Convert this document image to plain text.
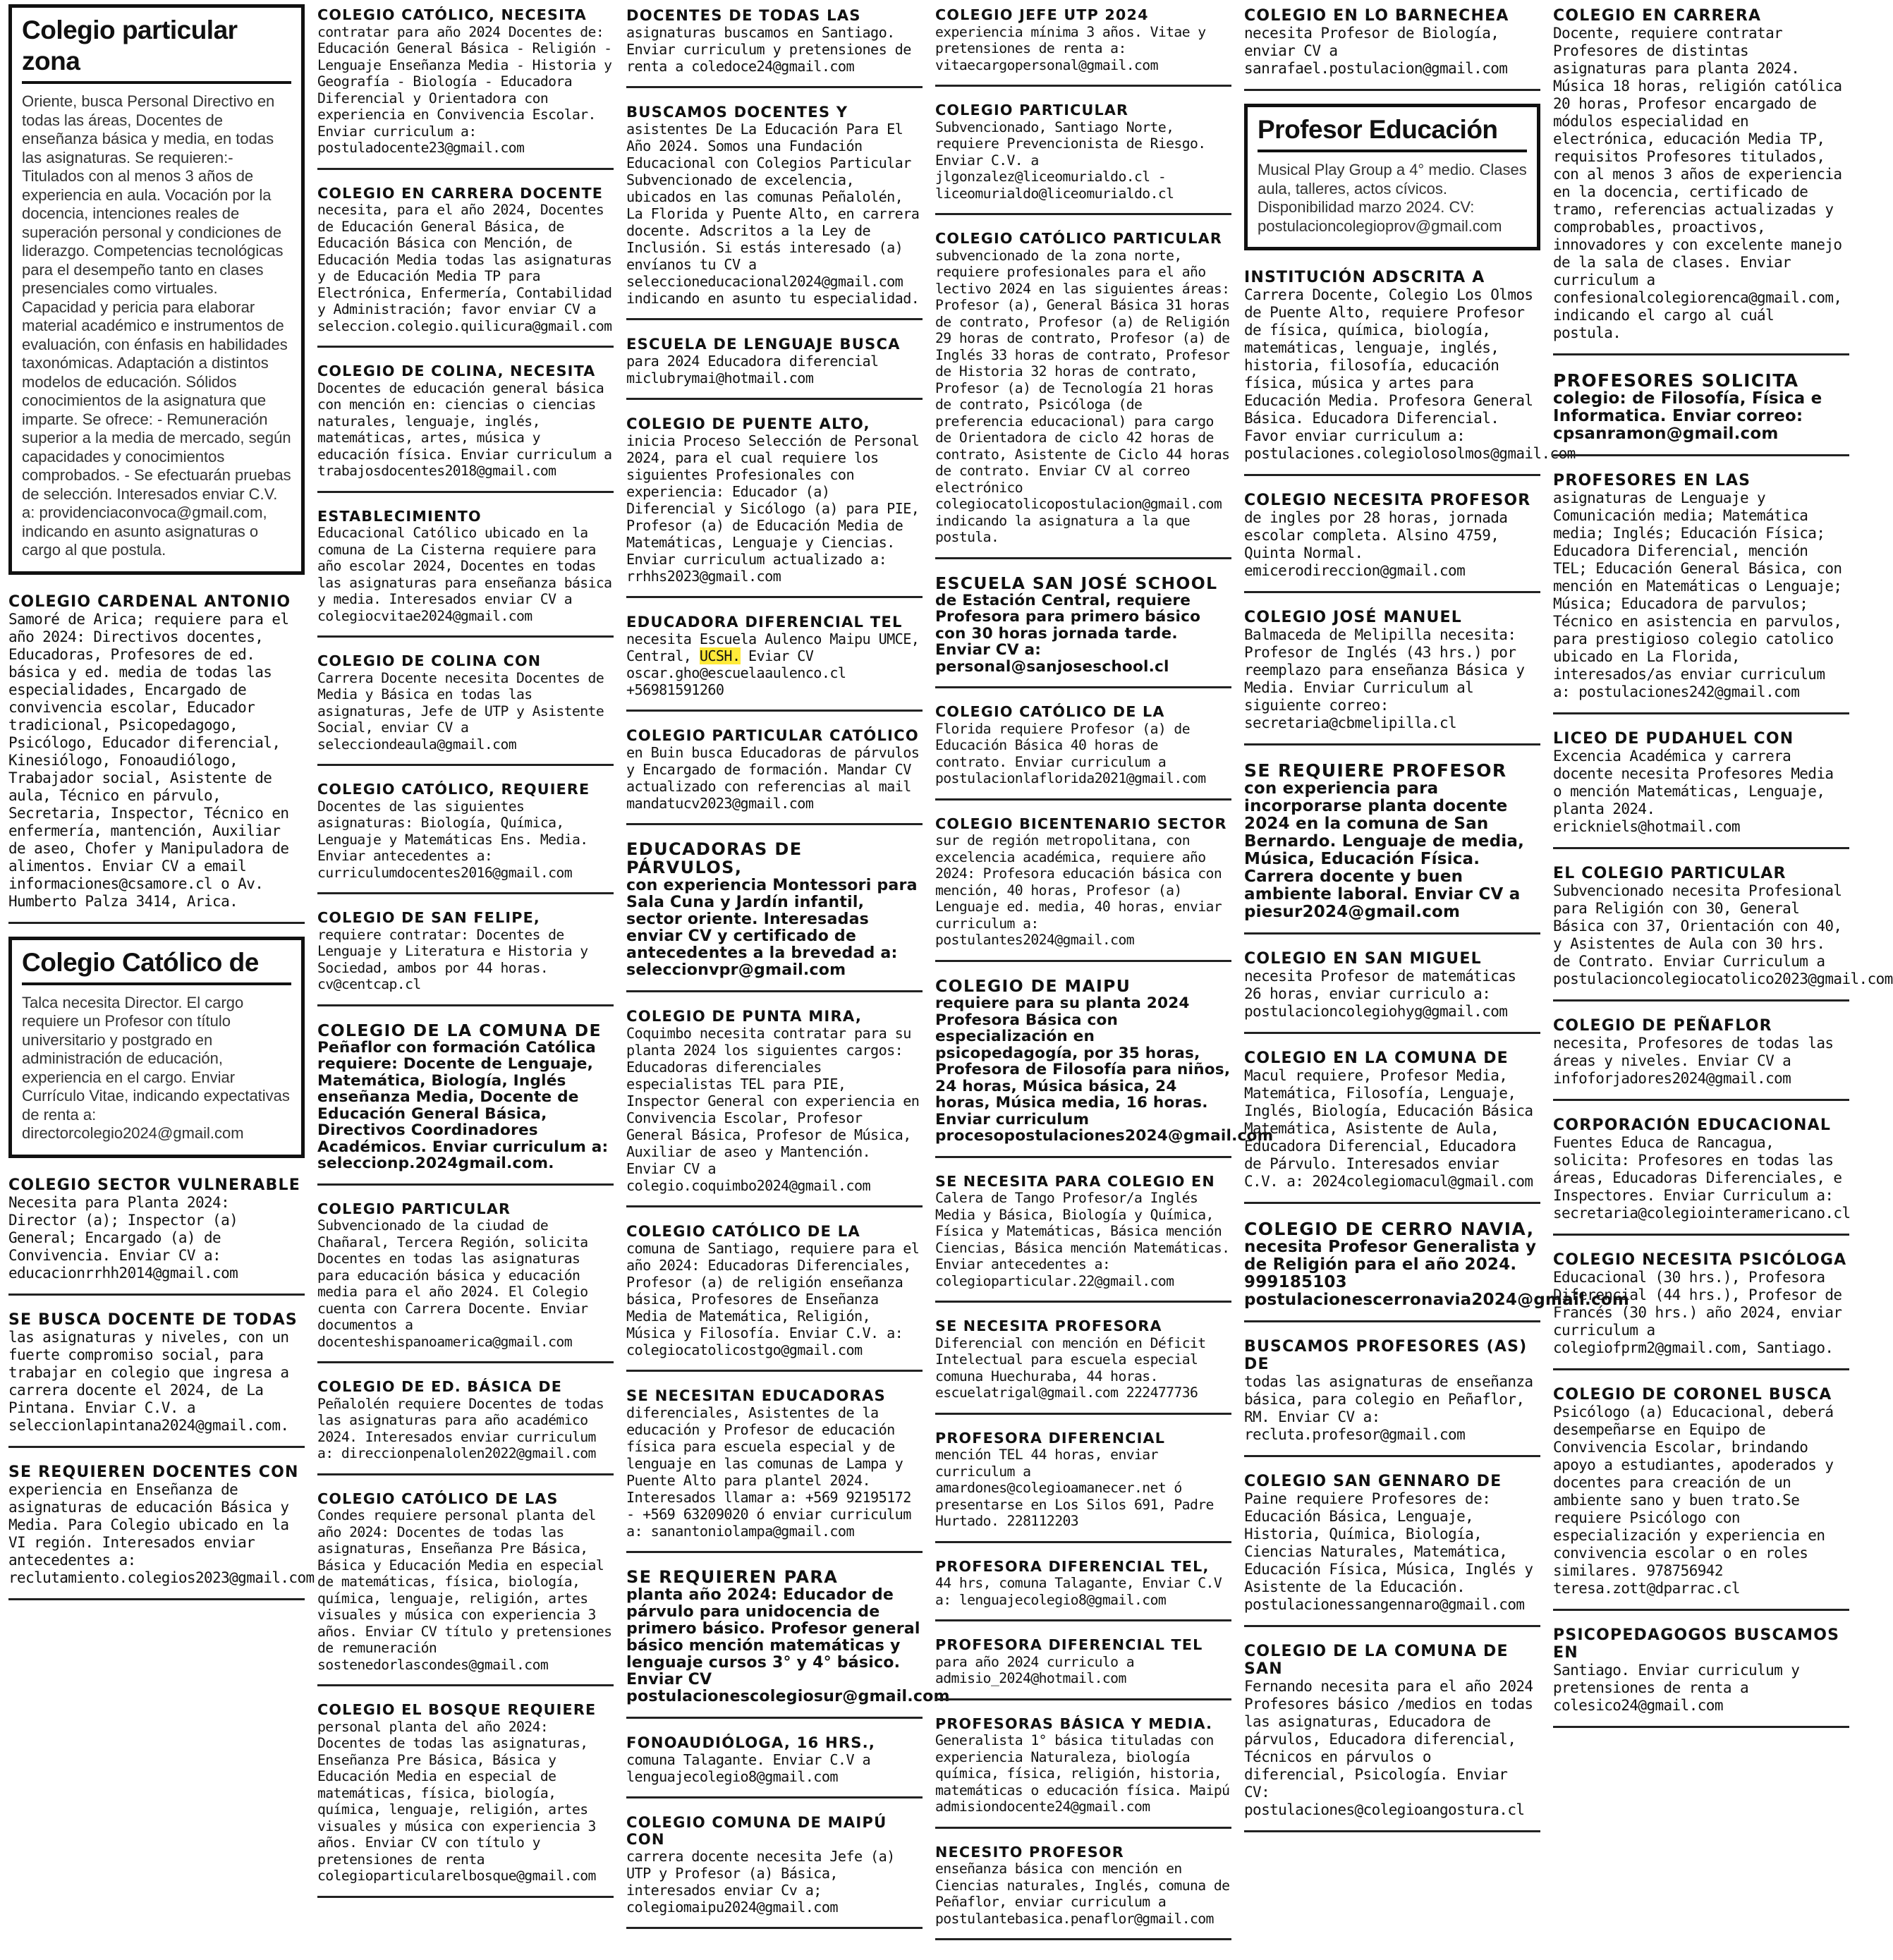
Colegio particular zona
Oriente, busca Personal Directivo en todas las áreas, Docentes de enseñanza básica y media, en todas las asignaturas. Se requieren:- Titulados con al menos 3 años de experiencia en aula. Vocación por la docencia, intenciones reales de superación personal y condiciones de liderazgo. Competencias tecnológicas para el desempeño tanto en clases presenciales como virtuales. Capacidad y pericia para elaborar material académico e instrumentos de evaluación, con énfasis en habilidades taxonómicas. Adaptación a distintos modelos de educación. Sólidos conocimientos de la asignatura que imparte. Se ofrece: - Remuneración superior a la media de mercado, según capacidades y conocimientos comprobados. - Se efectuarán pruebas de selección. Interesados enviar C.V. a: providenciaconvoca@gmail.com, indicando en asunto asignaturas o cargo al que postula.
COLEGIO CARDENAL ANTONIO
Samoré de Arica; requiere para el año 2024: Directivos docentes, Educadoras, Profesores de ed. básica y ed. media de todas las especialidades, Encargado de convivencia escolar, Educador tradicional, Psicopedagogo, Psicólogo, Educador diferencial, Kinesiólogo, Fonoaudiólogo, Trabajador social, Asistente de aula, Técnico en párvulo, Secretaria, Inspector, Técnico en enfermería, mantención, Auxiliar de aseo, Chofer y Manipuladora de alimentos. Enviar CV a email informaciones@csamore.cl o Av. Humberto Palza 3414, Arica.
Colegio Católico de
Talca necesita Director. El cargo requiere un Profesor con título universitario y postgrado en administración de educación, experiencia en el cargo. Enviar Currículo Vitae, indicando expectativas de renta a: directorcolegio2024@gmail.com
COLEGIO SECTOR VULNERABLE
Necesita para Planta 2024: Director (a); Inspector (a) General; Encargado (a) de Convivencia. Enviar CV a: educacionrrhh2014@gmail.com
SE BUSCA DOCENTE DE TODAS
las asignaturas y niveles, con un fuerte compromiso social, para trabajar en colegio que ingresa a carrera docente el 2024, de La Pintana. Enviar C.V. a seleccionlapintana2024@gmail.com.
SE REQUIEREN DOCENTES CON
experiencia en Enseñanza de asignaturas de educación Básica y Media. Para Colegio ubicado en la VI región. Interesados enviar antecedentes a: reclutamiento.colegios2023@gmail.com
COLEGIO CATÓLICO, NECESITA
contratar para año 2024 Docentes de: Educación General Básica - Religión - Lenguaje Enseñanza Media - Historia y Geografía - Biología - Educadora Diferencial y Orientadora con experiencia en Convivencia Escolar. Enviar curriculum a: postuladocente23@gmail.com
COLEGIO EN CARRERA DOCENTE
necesita, para el año 2024, Docentes de Educación General Básica, de Educación Básica con Mención, de Educación Media todas las asignaturas y de Educación Media TP para Electrónica, Enfermería, Contabilidad y Administración; favor enviar CV a seleccion.colegio.quilicura@gmail.com
COLEGIO DE COLINA, NECESITA
Docentes de educación general básica con mención en: ciencias o ciencias naturales, lenguaje, inglés, matemáticas, artes, música y educación física. Enviar curriculum a trabajosdocentes2018@gmail.com
ESTABLECIMIENTO
Educacional Católico ubicado en la comuna de La Cisterna requiere para año escolar 2024, Docentes en todas las asignaturas para enseñanza básica y media. Interesados enviar CV a colegiocvitae2024@gmail.com
COLEGIO DE COLINA CON
Carrera Docente necesita Docentes de Media y Básica en todas las asignaturas, Jefe de UTP y Asistente Social, enviar CV a selecciondeaula@gmail.com
COLEGIO CATÓLICO, REQUIERE
Docentes de las siguientes asignaturas: Biología, Química, Lenguaje y Matemáticas Ens. Media. Enviar antecedentes a: curriculumdocentes2016@gmail.com
COLEGIO DE SAN FELIPE,
requiere contratar: Docentes de Lenguaje y Literatura e Historia y Sociedad, ambos por 44 horas. cv@centcap.cl
COLEGIO DE LA COMUNA DE
Peñaflor con formación Católica requiere: Docente de Lenguaje, Matemática, Biología, Inglés enseñanza Media, Docente de Educación General Básica, Directivos Coordinadores Académicos. Enviar curriculum a: seleccionp.2024gmail.com.
COLEGIO PARTICULAR
Subvencionado de la ciudad de Chañaral, Tercera Región, solicita Docentes en todas las asignaturas para educación básica y educación media para el año 2024. El Colegio cuenta con Carrera Docente. Enviar documentos a docenteshispanoamerica@gmail.com
COLEGIO DE ED. BÁSICA DE
Peñalolén requiere Docentes de todas las asignaturas para año académico 2024. Interesados enviar curriculum a: direccionpenalolen2022@gmail.com
COLEGIO CATÓLICO DE LAS
Condes requiere personal planta del año 2024: Docentes de todas las asignaturas, Enseñanza Pre Básica, Básica y Educación Media en especial de matemáticas, física, biología, química, lenguaje, religión, artes visuales y música con experiencia 3 años. Enviar CV título y pretensiones de remuneración sostenedorlascondes@gmail.com
COLEGIO EL BOSQUE REQUIERE
personal planta del año 2024: Docentes de todas las asignaturas, Enseñanza Pre Básica, Básica y Educación Media en especial de matemáticas, física, biología, química, lenguaje, religión, artes visuales y música con experiencia 3 años. Enviar CV con título y pretensiones de renta colegioparticularelbosque@gmail.com
DOCENTES DE TODAS LAS
asignaturas buscamos en Santiago. Enviar curriculum y pretensiones de renta a coledoce24@gmail.com
BUSCAMOS DOCENTES Y
asistentes De La Educación Para El Año 2024. Somos una Fundación Educacional con Colegios Particular Subvencionado de excelencia, ubicados en las comunas Peñalolén, La Florida y Puente Alto, en carrera docente. Adscritos a la Ley de Inclusión. Si estás interesado (a) envíanos tu CV a seleccioneducacional2024@gmail.com indicando en asunto tu especialidad.
ESCUELA DE LENGUAJE BUSCA
para 2024 Educadora diferencial miclubrymai@hotmail.com
COLEGIO DE PUENTE ALTO,
inicia Proceso Selección de Personal 2024, para el cual requiere los siguientes Profesionales con experiencia: Educador (a) Diferencial y Sicólogo (a) para PIE, Profesor (a) de Educación Media de Matemáticas, Lenguaje y Ciencias. Enviar curriculum actualizado a: rrhhs2023@gmail.com
EDUCADORA DIFERENCIAL TEL
necesita Escuela Aulenco Maipu UMCE, Central, UCSH. Eviar CV oscar.gho@escuelaaulenco.cl +56981591260
COLEGIO PARTICULAR CATÓLICO
en Buin busca Educadoras de párvulos y Encargado de formación. Mandar CV actualizado con referencias al mail mandatucv2023@gmail.com
EDUCADORAS DE PÁRVULOS,
con experiencia Montessori para Sala Cuna y Jardín infantil, sector oriente. Interesadas enviar CV y certificado de antecedentes a la brevedad a: seleccionvpr@gmail.com
COLEGIO DE PUNTA MIRA,
Coquimbo necesita contratar para su planta 2024 los siguientes cargos: Educadoras diferenciales especialistas TEL para PIE, Inspector General con experiencia en Convivencia Escolar, Profesor General Básica, Profesor de Música, Auxiliar de aseo y Mantención. Enviar CV a colegio.coquimbo2024@gmail.com
COLEGIO CATÓLICO DE LA
comuna de Santiago, requiere para el año 2024: Educadoras Diferenciales, Profesor (a) de religión enseñanza básica, Profesores de Enseñanza Media de Matemática, Religión, Música y Filosofía. Enviar C.V. a: colegiocatolicostgo@gmail.com
SE NECESITAN EDUCADORAS
diferenciales, Asistentes de la educación y Profesor de educación física para escuela especial y de lenguaje en las comunas de Lampa y Puente Alto para plantel 2024. Interesados llamar a: +569 92195172 - +569 63209020 ó enviar curriculum a: sanantoniolampa@gmail.com
SE REQUIEREN PARA
planta año 2024: Educador de párvulo para unidocencia de primero básico. Profesor general básico mención matemáticas y lenguaje cursos 3° y 4° básico. Enviar CV postulacionescolegiosur@gmail.com
FONOAUDIÓLOGA, 16 HRS.,
comuna Talagante. Enviar C.V a lenguajecolegio8@gmail.com
COLEGIO COMUNA DE MAIPÚ CON
carrera docente necesita Jefe (a) UTP y Profesor (a) Básica, interesados enviar Cv a; colegiomaipu2024@gmail.com
COLEGIO JEFE UTP 2024
experiencia mínima 3 años. Vitae y pretensiones de renta a: vitaecargopersonal@gmail.com
COLEGIO PARTICULAR
Subvencionado, Santiago Norte, requiere Prevencionista de Riesgo. Enviar C.V. a jlgonzalez@liceomurialdo.cl - liceomurialdo@liceomurialdo.cl
COLEGIO CATÓLICO PARTICULAR
subvencionado de la zona norte, requiere profesionales para el año lectivo 2024 en las siguientes áreas: Profesor (a), General Básica 31 horas de contrato, Profesor (a) de Religión 29 horas de contrato, Profesor (a) de Inglés 33 horas de contrato, Profesor de Historia 32 horas de contrato, Profesor (a) de Tecnología 21 horas de contrato, Psicóloga (de preferencia educacional) para cargo de Orientadora de ciclo 42 horas de contrato, Asistente de Ciclo 44 horas de contrato. Enviar CV al correo electrónico colegiocatolicopostulacion@gmail.com indicando la asignatura a la que postula.
ESCUELA SAN JOSÉ SCHOOL
de Estación Central, requiere Profesora para primero básico con 30 horas jornada tarde. Enviar CV a: personal@sanjoseschool.cl
COLEGIO CATÓLICO DE LA
Florida requiere Profesor (a) de Educación Básica 40 horas de contrato. Enviar curriculum a postulacionlaflorida2021@gmail.com
COLEGIO BICENTENARIO SECTOR
sur de región metropolitana, con excelencia académica, requiere año 2024: Profesora educación básica con mención, 40 horas, Profesor (a) Lenguaje ed. media, 40 horas, enviar curriculum a: postulantes2024@gmail.com
COLEGIO DE MAIPU
requiere para su planta 2024 Profesora Básica con especialización en psicopedagogía, por 35 horas, Profesora de Filosofía para niños, 24 horas, Música básica, 24 horas, Música media, 16 horas. Enviar curriculum procesopostulaciones2024@gmail.com
SE NECESITA PARA COLEGIO EN
Calera de Tango Profesor/a Inglés Media y Básica, Biología y Química, Física y Matemáticas, Básica mención Ciencias, Básica mención Matemáticas. Enviar antecedentes a: colegioparticular.22@gmail.com
SE NECESITA PROFESORA
Diferencial con mención en Déficit Intelectual para escuela especial comuna Huechuraba, 44 horas. escuelatrigal@gmail.com 222477736
PROFESORA DIFERENCIAL
mención TEL 44 horas, enviar curriculum a amardones@colegioamanecer.net ó presentarse en Los Silos 691, Padre Hurtado. 228112203
PROFESORA DIFERENCIAL TEL,
44 hrs, comuna Talagante, Enviar C.V a: lenguajecolegio8@gmail.com
PROFESORA DIFERENCIAL TEL
para año 2024 curriculo a admisio_2024@hotmail.com
PROFESORAS BÁSICA Y MEDIA.
Generalista 1° básica tituladas con experiencia Naturaleza, biología química, física, religión, historia, matemáticas o educación física. Maipú admisiondocente24@gmail.com
NECESITO PROFESOR
enseñanza básica con mención en Ciencias naturales, Inglés, comuna de Peñaflor, enviar curriculum a postulantebasica.penaflor@gmail.com
COLEGIO EN LO BARNECHEA
necesita Profesor de Biología, enviar CV a sanrafael.postulacion@gmail.com
Profesor Educación
Musical Play Group a 4° medio. Clases aula, talleres, actos cívicos. Disponibilidad marzo 2024. CV: postulacioncolegioprov@gmail.com
INSTITUCIÓN ADSCRITA A
Carrera Docente, Colegio Los Olmos de Puente Alto, requiere Profesor de física, química, biología, matemáticas, lenguaje, inglés, historia, filosofía, educación física, música y artes para Educación Media. Profesora General Básica. Educadora Diferencial. Favor enviar curriculum a: postulaciones.colegiolosolmos@gmail.com
COLEGIO NECESITA PROFESOR
de ingles por 28 horas, jornada escolar completa. Alsino 4759, Quinta Normal. emicerodireccion@gmail.com
COLEGIO JOSÉ MANUEL
Balmaceda de Melipilla necesita: Profesor de Inglés (43 hrs.) por reemplazo para enseñanza Básica y Media. Enviar Curriculum al siguiente correo: secretaria@cbmelipilla.cl
SE REQUIERE PROFESOR
con experiencia para incorporarse planta docente 2024 en la comuna de San Bernardo. Lenguaje de media, Música, Educación Física. Carrera docente y buen ambiente laboral. Enviar CV a piesur2024@gmail.com
COLEGIO EN SAN MIGUEL
necesita Profesor de matemáticas 26 horas, enviar curriculo a: postulacioncolegiohyg@gmail.com
COLEGIO EN LA COMUNA DE
Macul requiere, Profesor Media, Matemática, Filosofía, Lenguaje, Inglés, Biología, Educación Básica Matemática, Asistente de Aula, Educadora Diferencial, Educadora de Párvulo. Interesados enviar C.V. a: 2024colegiomacul@gmail.com
COLEGIO DE CERRO NAVIA,
necesita Profesor Generalista y de Religión para el año 2024. 999185103 postulacionescerronavia2024@gmail.com
BUSCAMOS PROFESORES (AS) DE
todas las asignaturas de enseñanza básica, para colegio en Peñaflor, RM. Enviar CV a: recluta.profesor@gmail.com
COLEGIO SAN GENNARO DE
Paine requiere Profesores de: Educación Básica, Lenguaje, Historia, Química, Biología, Ciencias Naturales, Matemática, Educación Física, Música, Inglés y Asistente de la Educación. postulacionessangennaro@gmail.com
COLEGIO DE LA COMUNA DE SAN
Fernando necesita para el año 2024 Profesores básico /medios en todas las asignaturas, Educadora de párvulos, Educadora diferencial, Técnicos en párvulos o diferencial, Psicología. Enviar CV: postulaciones@colegioangostura.cl
COLEGIO EN CARRERA
Docente, requiere contratar Profesores de distintas asignaturas para planta 2024. Música 18 horas, religión católica 20 horas, Profesor encargado de módulos especialidad en electrónica, educación Media TP, requisitos Profesores titulados, con al menos 3 años de experiencia en la docencia, certificado de tramo, referencias actualizadas y comprobables, proactivos, innovadores y con excelente manejo de la sala de clases. Enviar curriculum a confesionalcolegiorenca@gmail.com, indicando el cargo al cuál postula.
PROFESORES SOLICITA
colegio: de Filosofía, Física e Informatica. Enviar correo: cpsanramon@gmail.com
PROFESORES EN LAS
asignaturas de Lenguaje y Comunicación media; Matemática media; Inglés; Educación Física; Educadora Diferencial, mención TEL; Educación General Básica, con mención en Matemáticas o Lenguaje; Música; Educadora de parvulos; Técnico en asistencia en parvulos, para prestigioso colegio catolico ubicado en La Florida, interesados/as enviar curriculum a: postulaciones242@gmail.com
LICEO DE PUDAHUEL CON
Excencia Académica y carrera docente necesita Profesores Media o mención Matemáticas, Lenguaje, planta 2024. erickniels@hotmail.com
EL COLEGIO PARTICULAR
Subvencionado necesita Profesional para Religión con 30, General Básica con 37, Orientación con 40, y Asistentes de Aula con 30 hrs. de Contrato. Enviar Curriculum a postulacioncolegiocatolico2023@gmail.com
COLEGIO DE PEÑAFLOR
necesita, Profesores de todas las áreas y niveles. Enviar CV a infoforjadores2024@gmail.com
CORPORACIÓN EDUCACIONAL
Fuentes Educa de Rancagua, solicita: Profesores en todas las áreas, Educadoras Diferenciales, e Inspectores. Enviar Curriculum a: secretaria@colegiointeramericano.cl
COLEGIO NECESITA PSICÓLOGA
Educacional (30 hrs.), Profesora Diferencial (44 hrs.), Profesor de Francés (30 hrs.) año 2024, enviar curriculum a colegiofprm2@gmail.com, Santiago.
COLEGIO DE CORONEL BUSCA
Psicólogo (a) Educacional, deberá desempeñarse en Equipo de Convivencia Escolar, brindando apoyo a estudiantes, apoderados y docentes para creación de un ambiente sano y buen trato.Se requiere Psicólogo con especialización y experiencia en convivencia escolar o en roles similares. 978756942 teresa.zott@dparrac.cl
PSICOPEDAGOGOS BUSCAMOS EN
Santiago. Enviar curriculum y pretensiones de renta a colesico24@gmail.com
